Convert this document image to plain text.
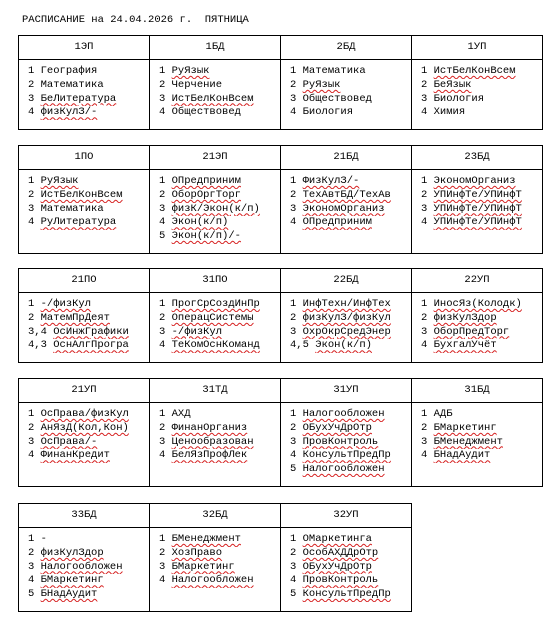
РАСПИСАНИЕ на 24.04.2026 г.  ПЯТНИЦА
1ЭП	1БД	2БД	1УП

1 География
2 Математика
3 БеЛитература
4 физКулЗ/-	1 РуЯзык
2 Черчение
3 ИстБелКонВсем
4 Обществовед	1 Математика
2 РуЯзык
3 Обществовед
4 Биология	1 ИстБелКонВсем
2 БеЯзык
3 Биология
4 Химия
1ПО	21ЭП	21БД	23БД

1 РуЯзык
2 ИстБелКонВсем
3 Математика
4 РуЛитература	1 ОПредприним
2 ОборОргТорг
3 физК/Экон(к/п)
4 Экон(к/п)
5 Экон(к/п)/-	1 ФизКулЗ/-
2 ТехАвтБД/ТехАв
3 ЭкономОрганиз
4 ОПредприним	1 ЭкономОрганиз
2 УПИнфТе/УПИнфТ
3 УПИнфТе/УПИнфТ
4 УПИнфТе/УПИнфТ
21ПО	31ПО	22БД	22УП

1 -/физКул
2 МатемПрДеят
3,4 ОсИнжГрафики
4,3 ОснАлгПрогра	1 ПрогСрСоздИнПр
2 ОперацСистемы
3 -/физКул
4 ТеКомОснКоманд	1 ИнфТехн/ИнфТех
2 физКулЗ/физКул
3 ОхрОкрСредЭнер
4,5 Экон(к/п)	1 ИносЯз(Колодк)
2 физКулЗдор
3 ОборПредТорг
4 БухгалУчёт
21УП	31ТД	31УП	31БД

1 ОсПрава/физКул
2 АнЯзД(Кол,Кон)
3 ОсПрава/-
4 ФинанКредит	1 АХД
2 ФинанОрганиз
3 Ценообразован
4 БелЯзПрофЛек	1 Налогообложен
2 ОБухУчДрОтр
3 ПровКонтроль
4 КонсультПредПр
5 Налогообложен	1 АДБ
2 БМаркетинг
3 БМенеджмент
4 БНадАудит
33БД	32БД	32УП	

1 -
2 физКулЗдор
3 Налогообложен
4 БМаркетинг
5 БНадАудит	1 БМенеджмент
2 ХозПраво
3 БМаркетинг
4 Налогообложен	1 ОМаркетинга
2 ОсобАХДДрОтр
3 ОБухУчДрОтр
4 ПровКонтроль
5 КонсультПредПр	
